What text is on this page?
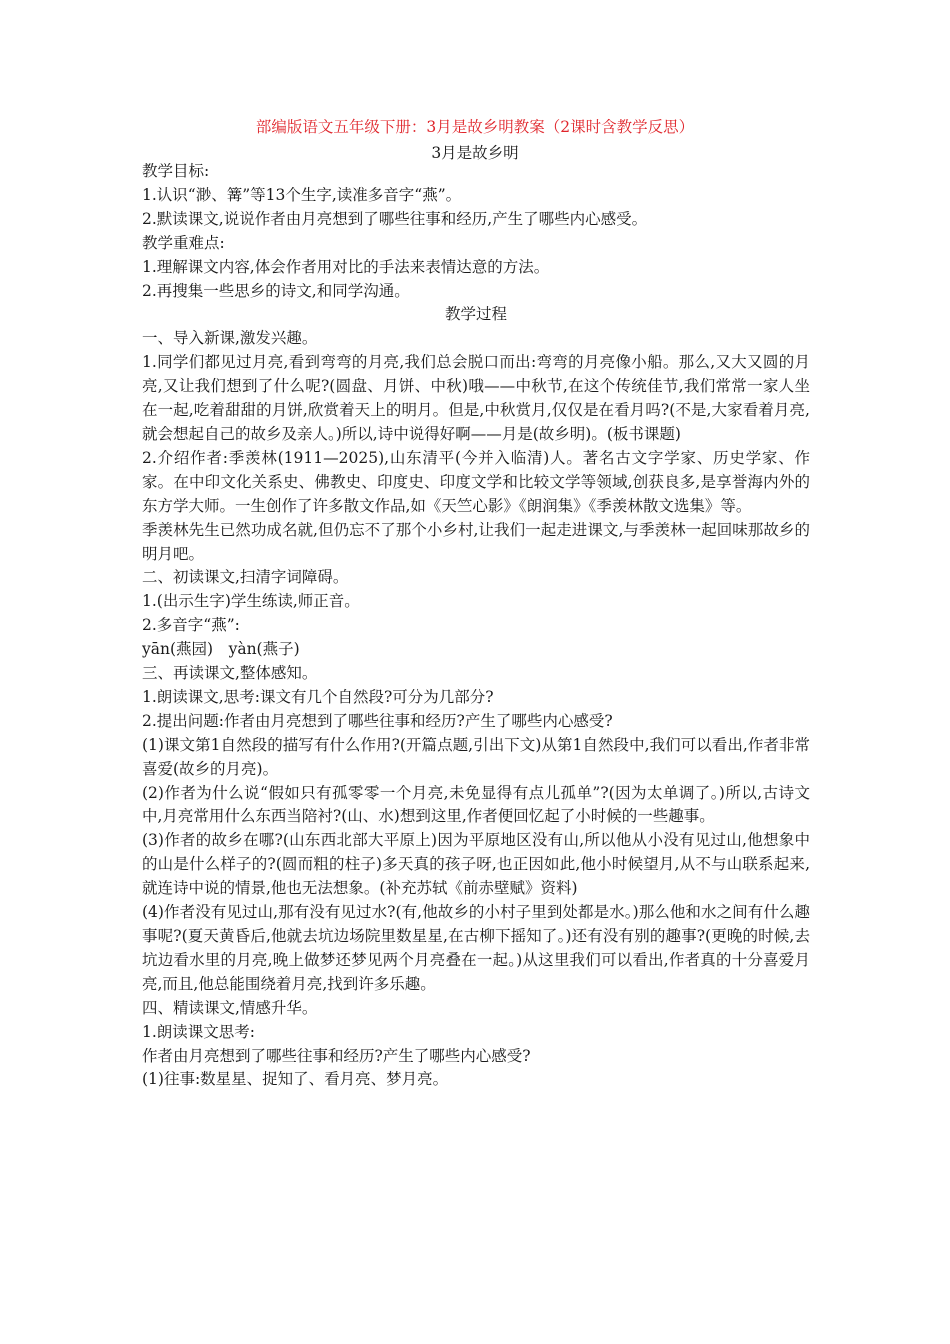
部编版语文五年级下册：3月是故乡明教案（2课时含教学反思）
3月是故乡明

教学目标:

1.认识“渺、篝”等13个生字,读准多音字“燕”。

2.默读课文,说说作者由月亮想到了哪些往事和经历,产生了哪些内心感受。

教学重难点:

1.理解课文内容,体会作者用对比的手法来表情达意的方法。

2.再搜集一些思乡的诗文,和同学沟通。

教学过程

一、导入新课,激发兴趣。

1.同学们都见过月亮,看到弯弯的月亮,我们总会脱口而出:弯弯的月亮像小船。那么,又大又圆的月亮,又让我们想到了什么呢?(圆盘、月饼、中秋)哦——中秋节,在这个传统佳节,我们常常一家人坐在一起,吃着甜甜的月饼,欣赏着天上的明月。但是,中秋赏月,仅仅是在看月吗?(不是,大家看着月亮,就会想起自己的故乡及亲人。)所以,诗中说得好啊——月是(故乡明)。(板书课题)

2.介绍作者:季羡林(1911—2025),山东清平(今并入临清)人。著名古文字学家、历史学家、作家。在中印文化关系史、佛教史、印度史、印度文学和比较文学等领域,创获良多,是享誉海内外的东方学大师。一生创作了许多散文作品,如《天竺心影》《朗润集》《季羡林散文选集》等。

季羡林先生已然功成名就,但仍忘不了那个小乡村,让我们一起走进课文,与季羡林一起回味那故乡的明月吧。

二、初读课文,扫清字词障碍。

1.(出示生字)学生练读,师正音。

2.多音字“燕”:

yān(燕园)　yàn(燕子)

三、再读课文,整体感知。

1.朗读课文,思考:课文有几个自然段?可分为几部分?

2.提出问题:作者由月亮想到了哪些往事和经历?产生了哪些内心感受?

(1)课文第1自然段的描写有什么作用?(开篇点题,引出下文)从第1自然段中,我们可以看出,作者非常喜爱(故乡的月亮)。

(2)作者为什么说“假如只有孤零零一个月亮,未免显得有点儿孤单”?(因为太单调了。)所以,古诗文中,月亮常用什么东西当陪衬?(山、水)想到这里,作者便回忆起了小时候的一些趣事。

(3)作者的故乡在哪?(山东西北部大平原上)因为平原地区没有山,所以他从小没有见过山,他想象中的山是什么样子的?(圆而粗的柱子)多天真的孩子呀,也正因如此,他小时候望月,从不与山联系起来,就连诗中说的情景,他也无法想象。(补充苏轼《前赤壁赋》资料)

(4)作者没有见过山,那有没有见过水?(有,他故乡的小村子里到处都是水。)那么他和水之间有什么趣事呢?(夏天黄昏后,他就去坑边场院里数星星,在古柳下摇知了。)还有没有别的趣事?(更晚的时候,去坑边看水里的月亮,晚上做梦还梦见两个月亮叠在一起。)从这里我们可以看出,作者真的十分喜爱月亮,而且,他总能围绕着月亮,找到许多乐趣。

四、精读课文,情感升华。

1.朗读课文思考:

作者由月亮想到了哪些往事和经历?产生了哪些内心感受?

(1)往事:数星星、捉知了、看月亮、梦月亮。
